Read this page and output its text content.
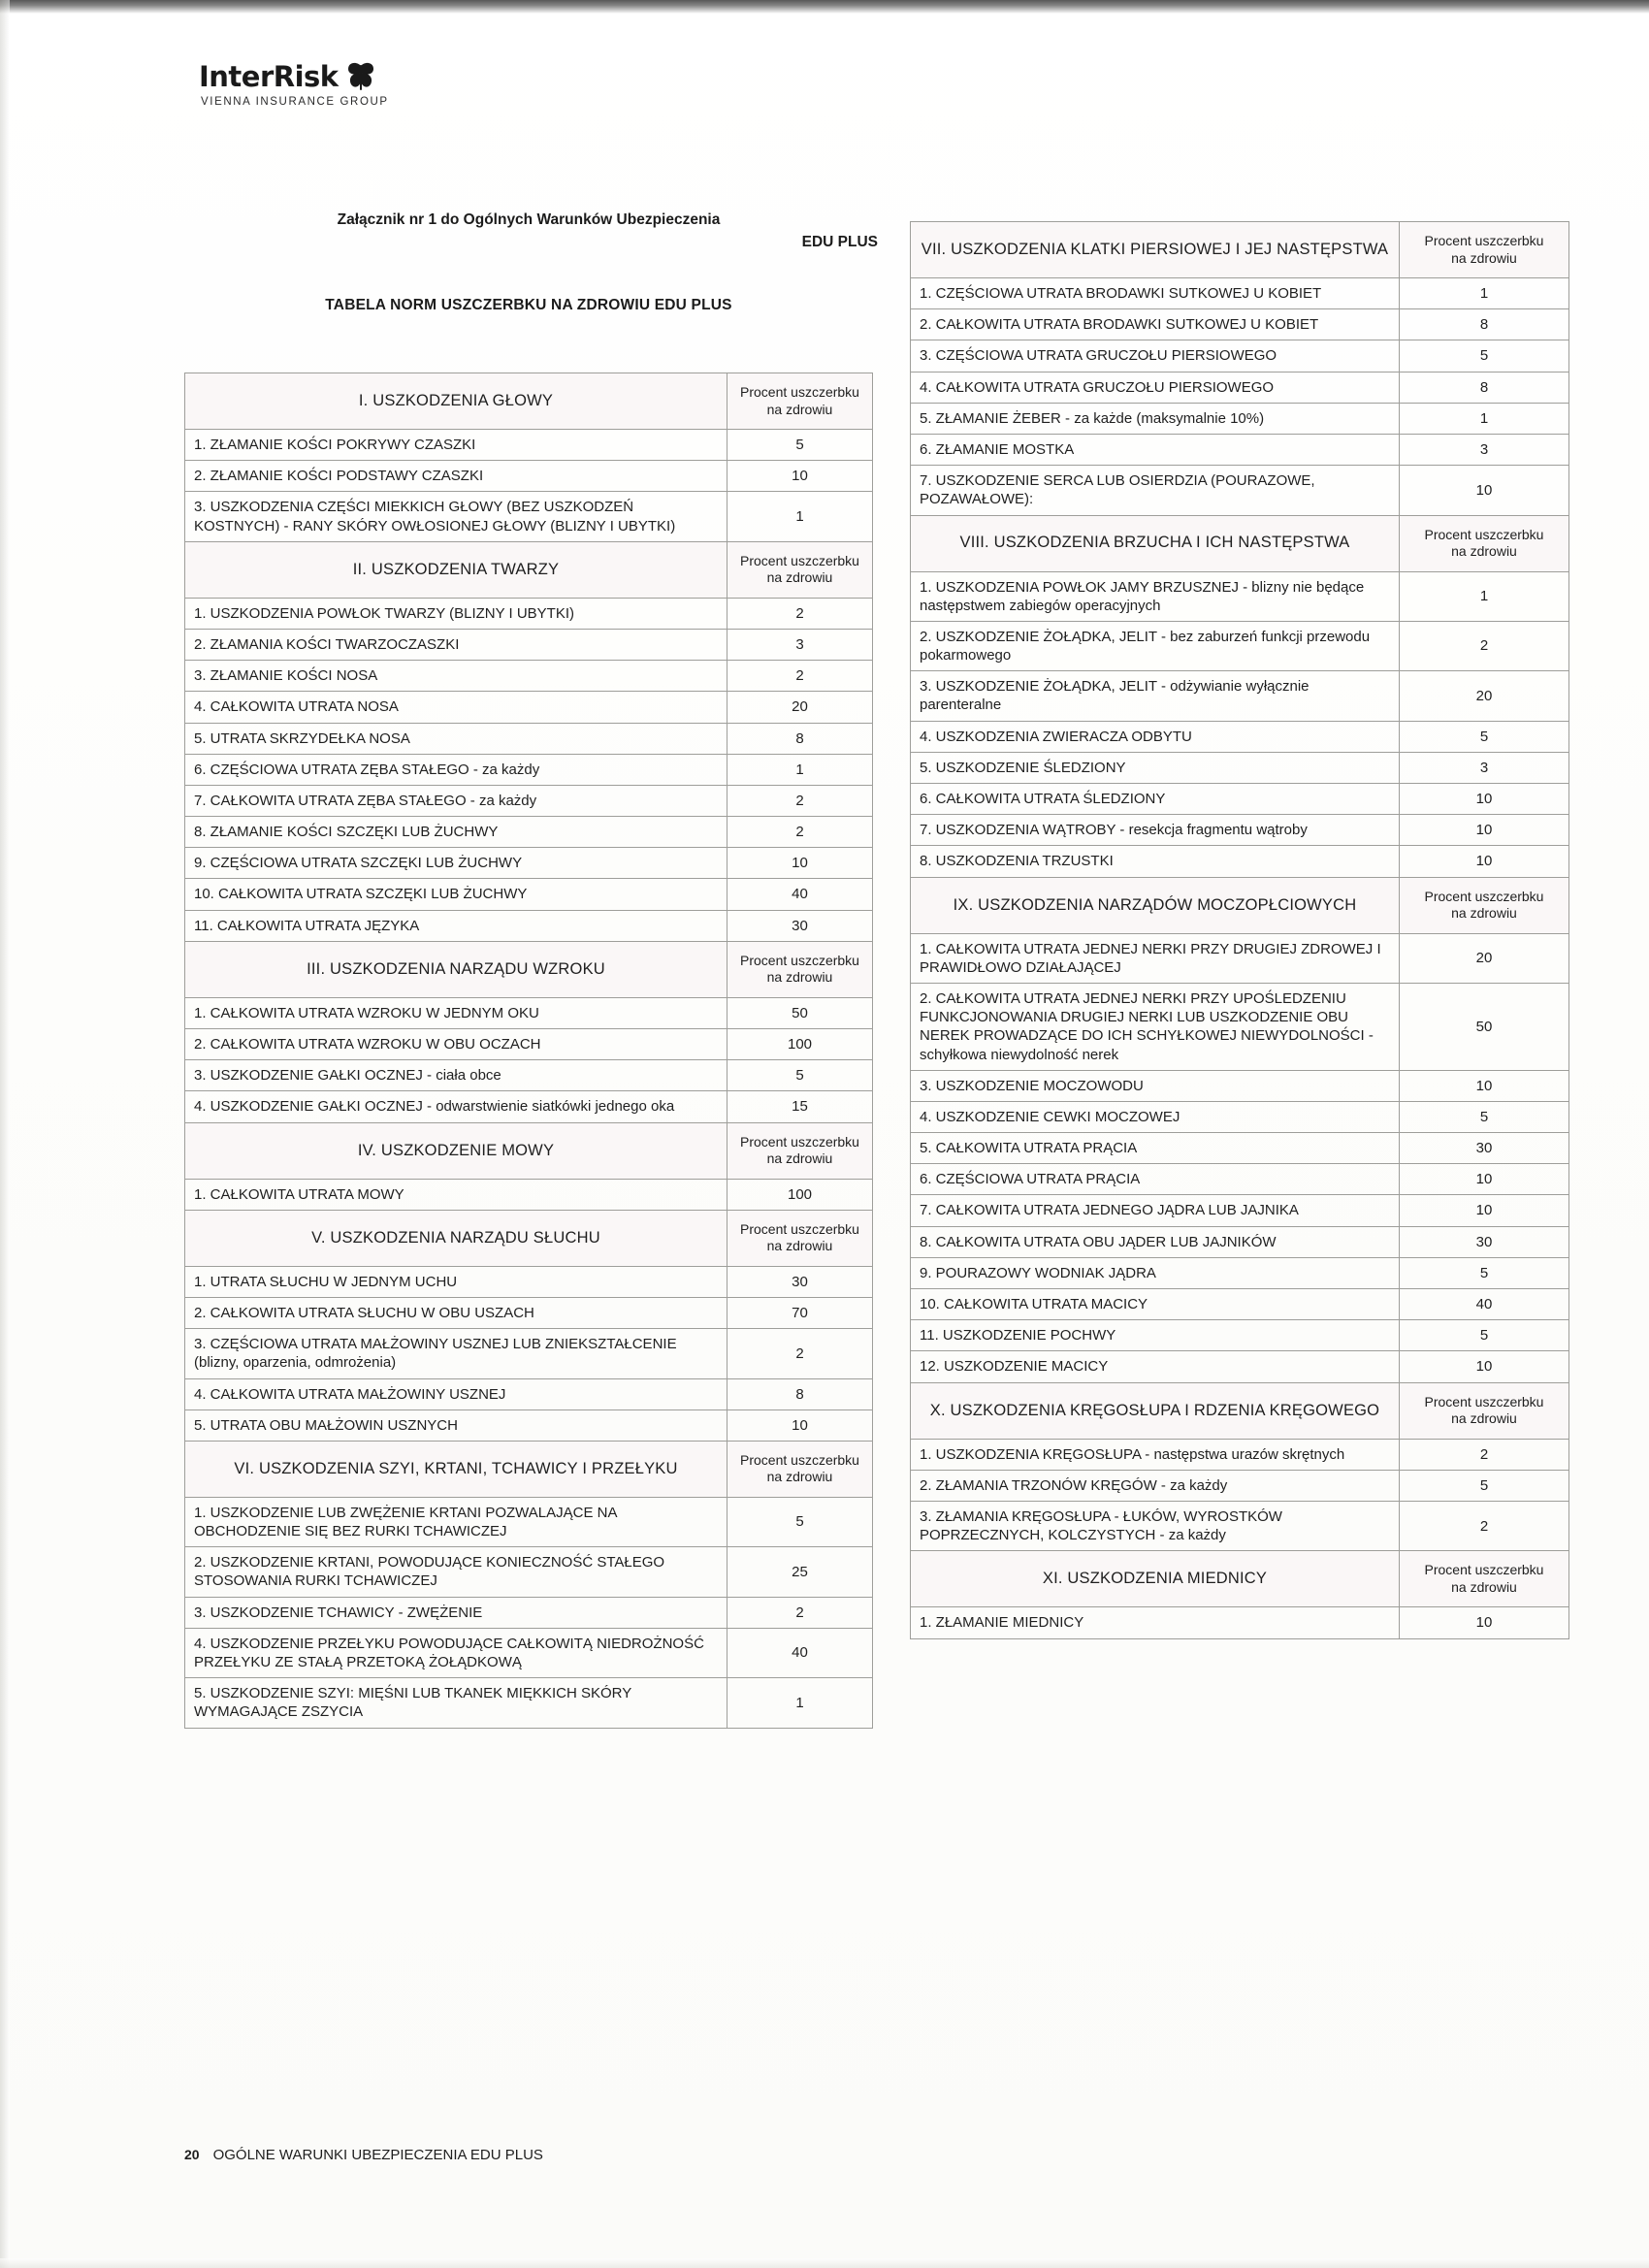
InterRisk
VIENNA INSURANCE GROUP
Załącznik nr 1 do Ogólnych Warunków Ubezpieczenia
EDU PLUS
TABELA NORM USZCZERBKU NA ZDROWIU EDU PLUS
I. USZKODZENIA GŁOWY	Procent uszczerbku
na zdrowiu
1. ZŁAMANIE KOŚCI POKRYWY CZASZKI	5
2. ZŁAMANIE KOŚCI PODSTAWY CZASZKI	10
3. USZKODZENIA CZĘŚCI MIEKKICH GŁOWY (BEZ USZKODZEŃ KOSTNYCH) - RANY SKÓRY OWŁOSIONEJ GŁOWY (BLIZNY I UBYTKI)	1
II. USZKODZENIA TWARZY	Procent uszczerbku
na zdrowiu
1. USZKODZENIA POWŁOK TWARZY (BLIZNY I UBYTKI)	2
2. ZŁAMANIA KOŚCI TWARZOCZASZKI	3
3. ZŁAMANIE KOŚCI NOSA	2
4. CAŁKOWITA UTRATA NOSA	20
5. UTRATA SKRZYDEŁKA NOSA	8
6. CZĘŚCIOWA UTRATA ZĘBA STAŁEGO - za każdy	1
7. CAŁKOWITA UTRATA ZĘBA STAŁEGO - za każdy	2
8. ZŁAMANIE KOŚCI SZCZĘKI LUB ŻUCHWY	2
9. CZĘŚCIOWA UTRATA SZCZĘKI LUB ŻUCHWY	10
10. CAŁKOWITA UTRATA SZCZĘKI LUB ŻUCHWY	40
11. CAŁKOWITA UTRATA JĘZYKA	30
III. USZKODZENIA NARZĄDU WZROKU	Procent uszczerbku
na zdrowiu
1. CAŁKOWITA UTRATA WZROKU W JEDNYM OKU	50
2. CAŁKOWITA UTRATA WZROKU W OBU OCZACH	100
3. USZKODZENIE GAŁKI OCZNEJ - ciała obce	5
4. USZKODZENIE GAŁKI OCZNEJ - odwarstwienie siatkówki jednego oka	15
IV. USZKODZENIE MOWY	Procent uszczerbku
na zdrowiu
1. CAŁKOWITA UTRATA MOWY	100
V. USZKODZENIA NARZĄDU SŁUCHU	Procent uszczerbku
na zdrowiu
1. UTRATA SŁUCHU W JEDNYM UCHU	30
2. CAŁKOWITA UTRATA SŁUCHU W OBU USZACH	70
3. CZĘŚCIOWA UTRATA MAŁŻOWINY USZNEJ LUB ZNIEKSZTAŁCENIE (blizny, oparzenia, odmrożenia)	2
4. CAŁKOWITA UTRATA MAŁŻOWINY USZNEJ	8
5. UTRATA OBU MAŁŻOWIN USZNYCH	10
VI. USZKODZENIA SZYI, KRTANI, TCHAWICY I PRZEŁYKU	Procent uszczerbku
na zdrowiu
1. USZKODZENIE LUB ZWĘŻENIE KRTANI POZWALAJĄCE NA OBCHODZENIE SIĘ BEZ RURKI TCHAWICZEJ	5
2. USZKODZENIE KRTANI, POWODUJĄCE KONIECZNOŚĆ STAŁEGO STOSOWANIA RURKI TCHAWICZEJ	25
3. USZKODZENIE TCHAWICY - ZWĘŻENIE	2
4. USZKODZENIE PRZEŁYKU POWODUJĄCE CAŁKOWITĄ NIEDROŻNOŚĆ PRZEŁYKU ZE STAŁĄ PRZETOKĄ ŻOŁĄDKOWĄ	40
5. USZKODZENIE SZYI: MIĘŚNI LUB TKANEK MIĘKKICH SKÓRY WYMAGAJĄCE ZSZYCIA	1
VII. USZKODZENIA KLATKI PIERSIOWEJ I JEJ NASTĘPSTWA	Procent uszczerbku
na zdrowiu
1. CZĘŚCIOWA UTRATA BRODAWKI SUTKOWEJ U KOBIET	1
2. CAŁKOWITA UTRATA BRODAWKI SUTKOWEJ U KOBIET	8
3. CZĘŚCIOWA UTRATA GRUCZOŁU PIERSIOWEGO	5
4. CAŁKOWITA UTRATA GRUCZOŁU PIERSIOWEGO	8
5. ZŁAMANIE ŻEBER - za każde (maksymalnie 10%)	1
6. ZŁAMANIE MOSTKA	3
7. USZKODZENIE SERCA LUB OSIERDZIA (POURAZOWE, POZAWAŁOWE):	10
VIII. USZKODZENIA BRZUCHA I ICH NASTĘPSTWA	Procent uszczerbku
na zdrowiu
1. USZKODZENIA POWŁOK JAMY BRZUSZNEJ - blizny nie będące następstwem zabiegów operacyjnych	1
2. USZKODZENIE ŻOŁĄDKA, JELIT - bez zaburzeń funkcji przewodu pokarmowego	2
3. USZKODZENIE ŻOŁĄDKA, JELIT - odżywianie wyłącznie parenteralne	20
4. USZKODZENIA ZWIERACZA ODBYTU	5
5. USZKODZENIE ŚLEDZIONY	3
6. CAŁKOWITA UTRATA ŚLEDZIONY	10
7. USZKODZENIA WĄTROBY - resekcja fragmentu wątroby	10
8. USZKODZENIA TRZUSTKI	10
IX. USZKODZENIA NARZĄDÓW MOCZOPŁCIOWYCH	Procent uszczerbku
na zdrowiu
1. CAŁKOWITA UTRATA JEDNEJ NERKI PRZY DRUGIEJ ZDROWEJ I PRAWIDŁOWO DZIAŁAJĄCEJ	20
2. CAŁKOWITA UTRATA JEDNEJ NERKI PRZY UPOŚLEDZENIU FUNKCJONOWANIA DRUGIEJ NERKI LUB USZKODZENIE OBU NEREK PROWADZĄCE DO ICH SCHYŁKOWEJ NIEWYDOLNOŚCI - schyłkowa niewydolność nerek	50
3. USZKODZENIE MOCZOWODU	10
4. USZKODZENIE CEWKI MOCZOWEJ	5
5. CAŁKOWITA UTRATA PRĄCIA	30
6. CZĘŚCIOWA UTRATA PRĄCIA	10
7. CAŁKOWITA UTRATA JEDNEGO JĄDRA LUB JAJNIKA	10
8. CAŁKOWITA UTRATA OBU JĄDER LUB JAJNIKÓW	30
9. POURAZOWY WODNIAK JĄDRA	5
10. CAŁKOWITA UTRATA MACICY	40
11. USZKODZENIE POCHWY	5
12. USZKODZENIE MACICY	10
X. USZKODZENIA KRĘGOSŁUPA I RDZENIA KRĘGOWEGO	Procent uszczerbku
na zdrowiu
1. USZKODZENIA KRĘGOSŁUPA - następstwa urazów skrętnych	2
2. ZŁAMANIA TRZONÓW KRĘGÓW - za każdy	5
3. ZŁAMANIA KRĘGOSŁUPA - ŁUKÓW, WYROSTKÓW POPRZECZNYCH, KOLCZYSTYCH - za każdy	2
XI. USZKODZENIA MIEDNICY	Procent uszczerbku
na zdrowiu
1. ZŁAMANIE MIEDNICY	10
20 OGÓLNE WARUNKI UBEZPIECZENIA EDU PLUS
